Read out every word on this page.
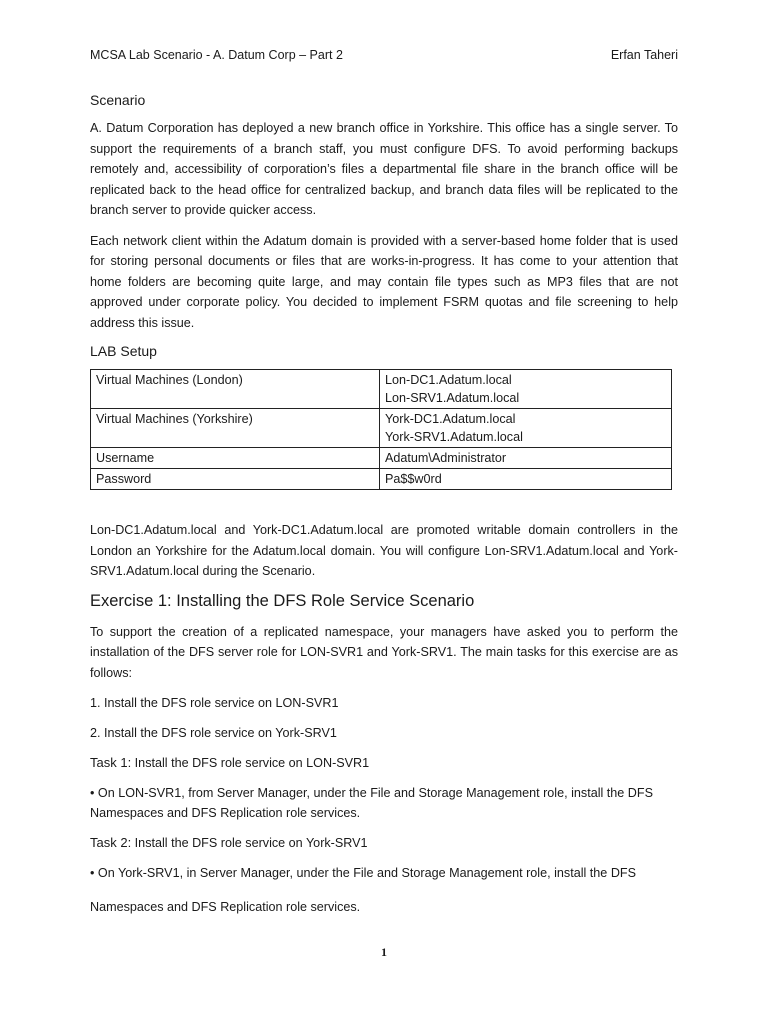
MCSA Lab Scenario - A. Datum Corp – Part 2	Erfan Taheri
Scenario

A. Datum Corporation has deployed a new branch office in Yorkshire. This office has a single server. To support the requirements of a branch staff, you must configure DFS. To avoid performing backups remotely and, accessibility of corporation’s files a departmental file share in the branch office will be replicated back to the head office for centralized backup, and branch data files will be replicated to the branch server to provide quicker access.

Each network client within the Adatum domain is provided with a server-based home folder that is used for storing personal documents or files that are works-in-progress. It has come to your attention that home folders are becoming quite large, and may contain file types such as MP3 files that are not approved under corporate policy. You decided to implement FSRM quotas and file screening to help address this issue.

LAB Setup
Virtual Machines (London)	Lon-DC1.Adatum.local
Lon-SRV1.Adatum.local

Virtual Machines (Yorkshire)	York-DC1.Adatum.local
York-SRV1.Adatum.local

Username	Adatum\Administrator
Password	Pa$$w0rd

Lon-DC1.Adatum.local and York-DC1.Adatum.local are promoted writable domain controllers in the London an Yorkshire for the Adatum.local domain. You will configure Lon-SRV1.Adatum.local and York-SRV1.Adatum.local during the Scenario.

Exercise 1: Installing the DFS Role Service Scenario

To support the creation of a replicated namespace, your managers have asked you to perform the installation of the DFS server role for LON-SVR1 and York-SRV1. The main tasks for this exercise are as follows:

1. Install the DFS role service on LON-SVR1

2. Install the DFS role service on York-SRV1

Task 1: Install the DFS role service on LON-SVR1

• On LON-SVR1, from Server Manager, under the File and Storage Management role, install the DFS Namespaces and DFS Replication role services.

Task 2: Install the DFS role service on York-SRV1

• On York-SRV1, in Server Manager, under the File and Storage Management role, install the DFS

Namespaces and DFS Replication role services.

1
